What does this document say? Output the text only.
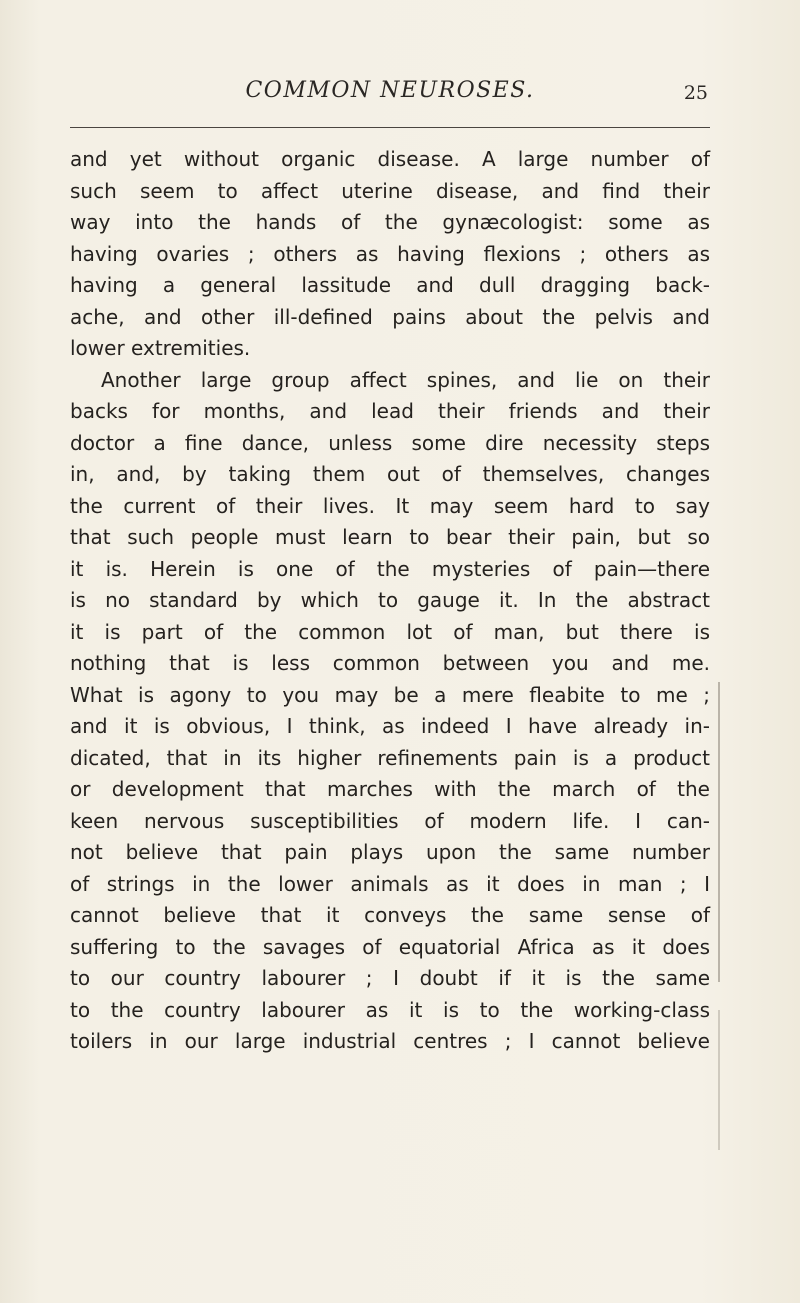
COMMON NEUROSES.	25
and yet without organic disease. A large number of
such seem to affect uterine disease, and find their
way into the hands of the gynæcologist: some as
having ovaries ; others as having flexions ; others as
having a general lassitude and dull dragging back-
ache, and other ill-defined pains about the pelvis and
lower extremities.
Another large group affect spines, and lie on their
backs for months, and lead their friends and their
doctor a fine dance, unless some dire necessity steps
in, and, by taking them out of themselves, changes
the current of their lives. It may seem hard to say
that such people must learn to bear their pain, but so
it is. Herein is one of the mysteries of pain—there
is no standard by which to gauge it. In the abstract
it is part of the common lot of man, but there is
nothing that is less common between you and me.
What is agony to you may be a mere fleabite to me ;
and it is obvious, I think, as indeed I have already in-
dicated, that in its higher refinements pain is a product
or development that marches with the march of the
keen nervous susceptibilities of modern life. I can-
not believe that pain plays upon the same number
of strings in the lower animals as it does in man ; I
cannot believe that it conveys the same sense of
suffering to the savages of equatorial Africa as it does
to our country labourer ; I doubt if it is the same
to the country labourer as it is to the working-class
toilers in our large industrial centres ; I cannot believe
